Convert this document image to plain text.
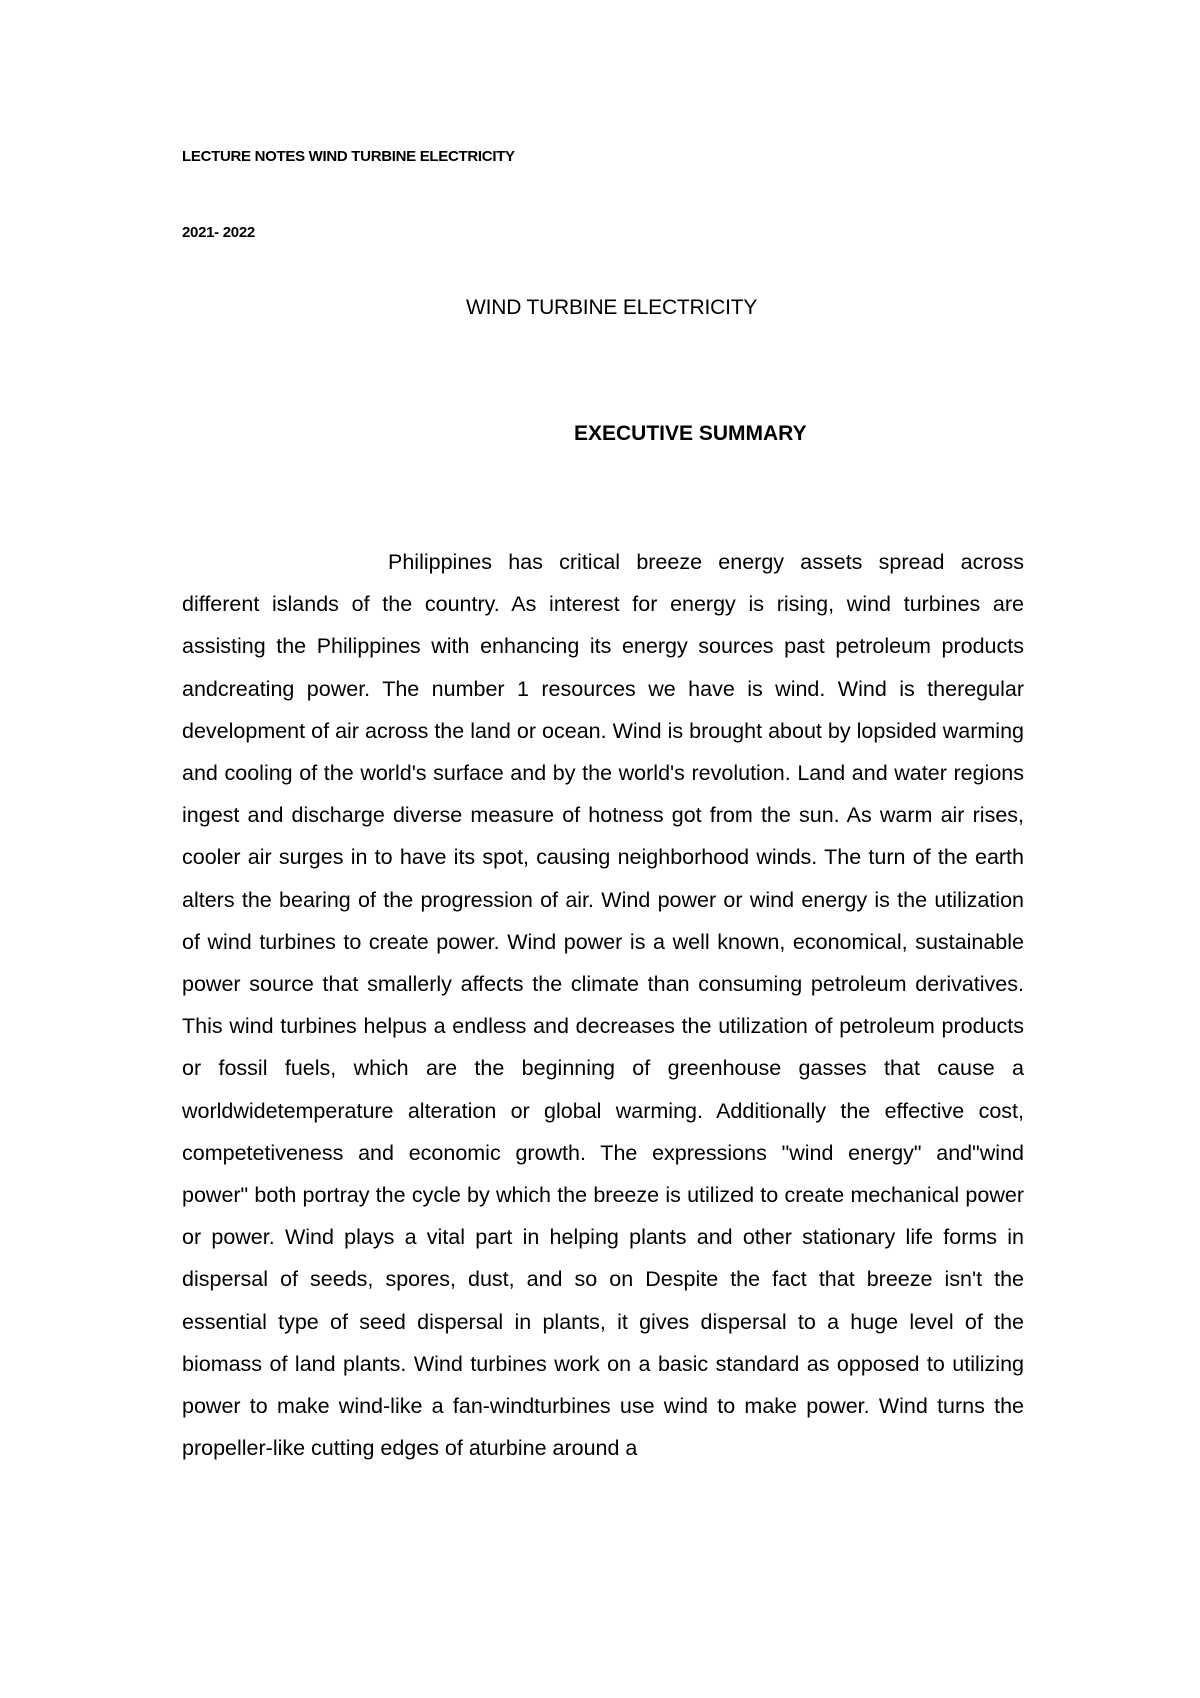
LECTURE NOTES WIND TURBINE ELECTRICITY
2021- 2022
WIND TURBINE ELECTRICITY
EXECUTIVE SUMMARY

Philippines has critical breeze energy assets spread across different islands of the country. As interest for energy is rising, wind turbines are assisting the Philippines with enhancing its energy sources past petroleum products andcreating power. The number 1 resources we have is wind. Wind is theregular development of air across the land or ocean. Wind is brought about by lopsided warming and cooling of the world's surface and by the world's revolution. Land and water regions ingest and discharge diverse measure of hotness got from the sun. As warm air rises, cooler air surges in to have its spot, causing neighborhood winds. The turn of the earth alters the bearing of the progression of air. Wind power or wind energy is the utilization of wind turbines to create power. Wind power is a well known, economical, sustainable power source that smallerly affects the climate than consuming petroleum derivatives. This wind turbines helpus a endless and decreases the utilization of petroleum products or fossil fuels, which are the beginning of greenhouse gasses that cause a worldwidetemperature alteration or global warming. Additionally the effective cost, competetiveness and economic growth. The expressions "wind energy" and"wind power" both portray the cycle by which the breeze is utilized to create mechanical power or power. Wind plays a vital part in helping plants and other stationary life forms in dispersal of seeds, spores, dust, and so on Despite the fact that breeze isn't the essential type of seed dispersal in plants, it gives dispersal to a huge level of the biomass of land plants. Wind turbines work on a basic standard as opposed to utilizing power to make wind-like a fan-windturbines use wind to make power. Wind turns the propeller-like cutting edges of aturbine around a
